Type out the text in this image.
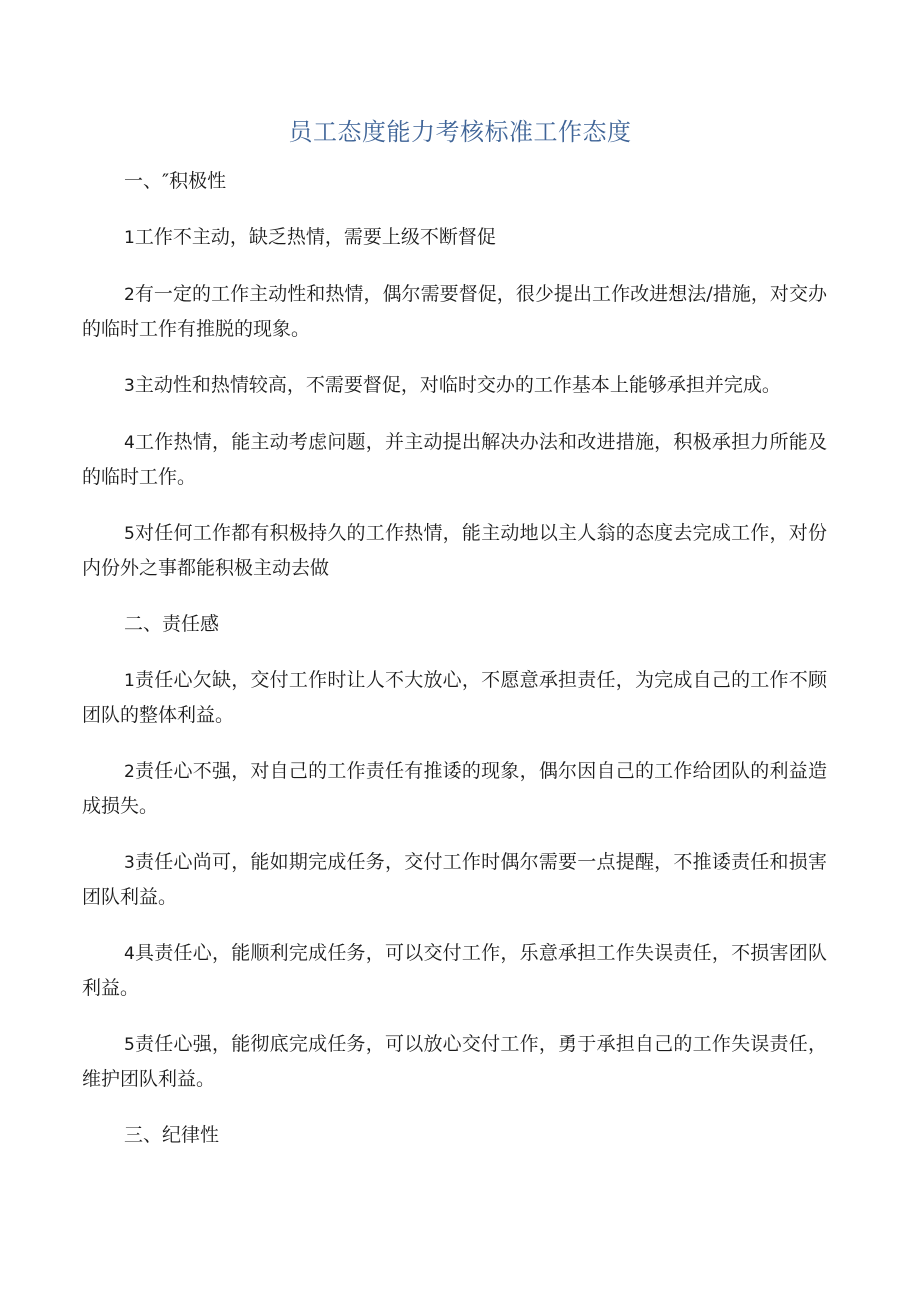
员工态度能力考核标准工作态度
一、″积极性
1工作不主动，缺乏热情，需要上级不断督促
2有一定的工作主动性和热情，偶尔需要督促，很少提出工作改进想法/措施，对交办的临时工作有推脱的现象。
3主动性和热情较高，不需要督促，对临时交办的工作基本上能够承担并完成。
4工作热情，能主动考虑问题，并主动提出解决办法和改进措施，积极承担力所能及的临时工作。
5对任何工作都有积极持久的工作热情，能主动地以主人翁的态度去完成工作，对份内份外之事都能积极主动去做
二、责任感
1责任心欠缺，交付工作时让人不大放心，不愿意承担责任，为完成自己的工作不顾团队的整体利益。
2责任心不强，对自己的工作责任有推诿的现象，偶尔因自己的工作给团队的利益造成损失。
3责任心尚可，能如期完成任务，交付工作时偶尔需要一点提醒，不推诿责任和损害团队利益。
4具责任心，能顺利完成任务，可以交付工作，乐意承担工作失误责任，不损害团队利益。
5责任心强，能彻底完成任务，可以放心交付工作，勇于承担自己的工作失误责任，维护团队利益。
三、纪律性
